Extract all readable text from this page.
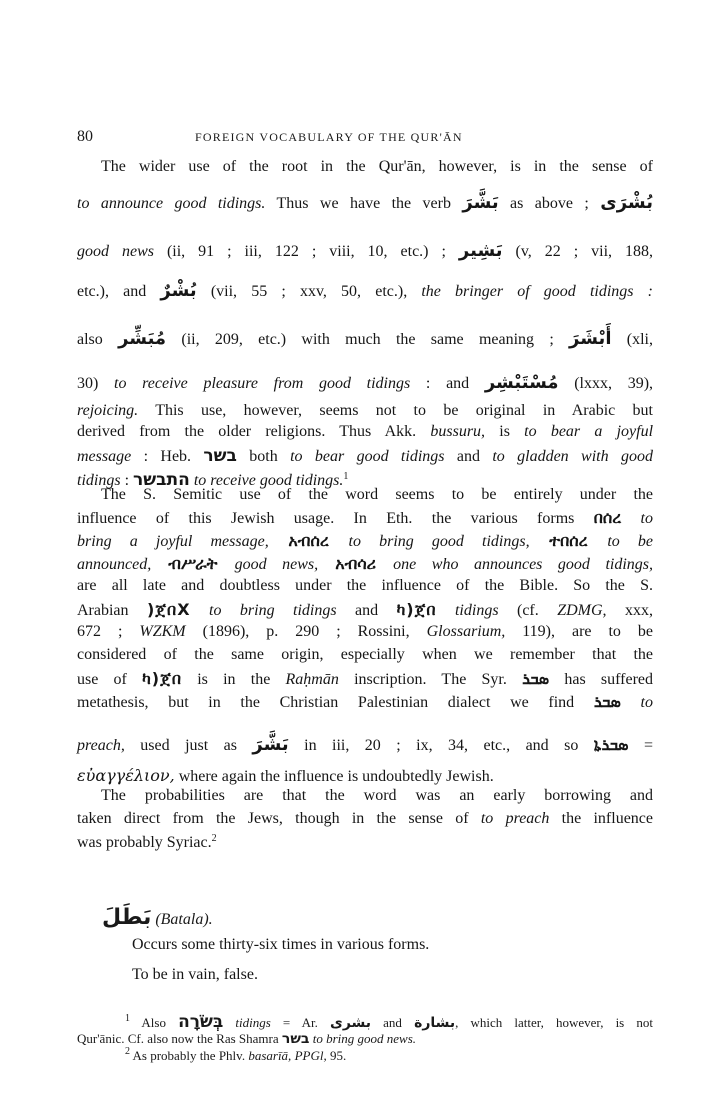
80	FOREIGN VOCABULARY OF THE QUR'ĀN
The wider use of the root in the Qur'ān, however, is in the sense of
to announce good tidings. Thus we have the verb بَشَّرَ as above ; بُشْرَى
good news (ii, 91 ; iii, 122 ; viii, 10, etc.) ; بَشِير (v, 22 ; vii, 188,
etc.), and بُشْرٌ (vii, 55 ; xxv, 50, etc.), the bringer of good tidings :
also مُبَشِّر (ii, 209, etc.) with much the same meaning ; أَبْشَرَ (xli,
30) to receive pleasure from good tidings : and مُسْتَبْشِر (lxxx, 39),
rejoicing. This use, however, seems not to be original in Arabic but
derived from the older religions. Thus Akk. bussuru, is to bear a joyful
message : Heb. בשר both to bear good tidings and to gladden with good
tidings : התבשר to receive good tidings.$^1$
The S. Semitic use of the word seems to be entirely under the
influence of this Jewish usage. In Eth. the various forms በሰረ to
bring a joyful message, አብሰረ to bring good tidings, ተበሰረ to be
announced, ብሥራት good news, አብሳሪ one who announces good tidings,
are all late and doubtless under the influence of the Bible. So the S.
Arabian )ጀበX to bring tidings and ካ)ጀበ tidings (cf. ZDMG, xxx,
672 ; WZKM (1896), p. 290 ; Rossini, Glossarium, 119), are to be
considered of the same origin, especially when we remember that the
use of ካ)ጀበ is in the Raḥmān inscription. The Syr. ܣܒܪ has suffered
metathesis, but in the Christian Palestinian dialect we find ܣܒܪ to
preach, used just as بَشَّرَ in iii, 20 ; ix, 34, etc., and so ܣܒܪܬܐ =
εὐαγγέλιον, where again the influence is undoubtedly Jewish.
The probabilities are that the word was an early borrowing and
taken direct from the Jews, though in the sense of to preach the influence
was probably Syriac.$^2$
بَطَلَ (Batala).
Occurs some thirty-six times in various forms.
To be in vain, false.
$^1$ Also בְּשֹׂרָה tidings = Ar. بشرى and بشارة, which latter, however, is not
Qur'ānic. Cf. also now the Ras Shamra בשר to bring good news.
$^2$ As probably the Phlv. basarīā, PPGl, 95.
